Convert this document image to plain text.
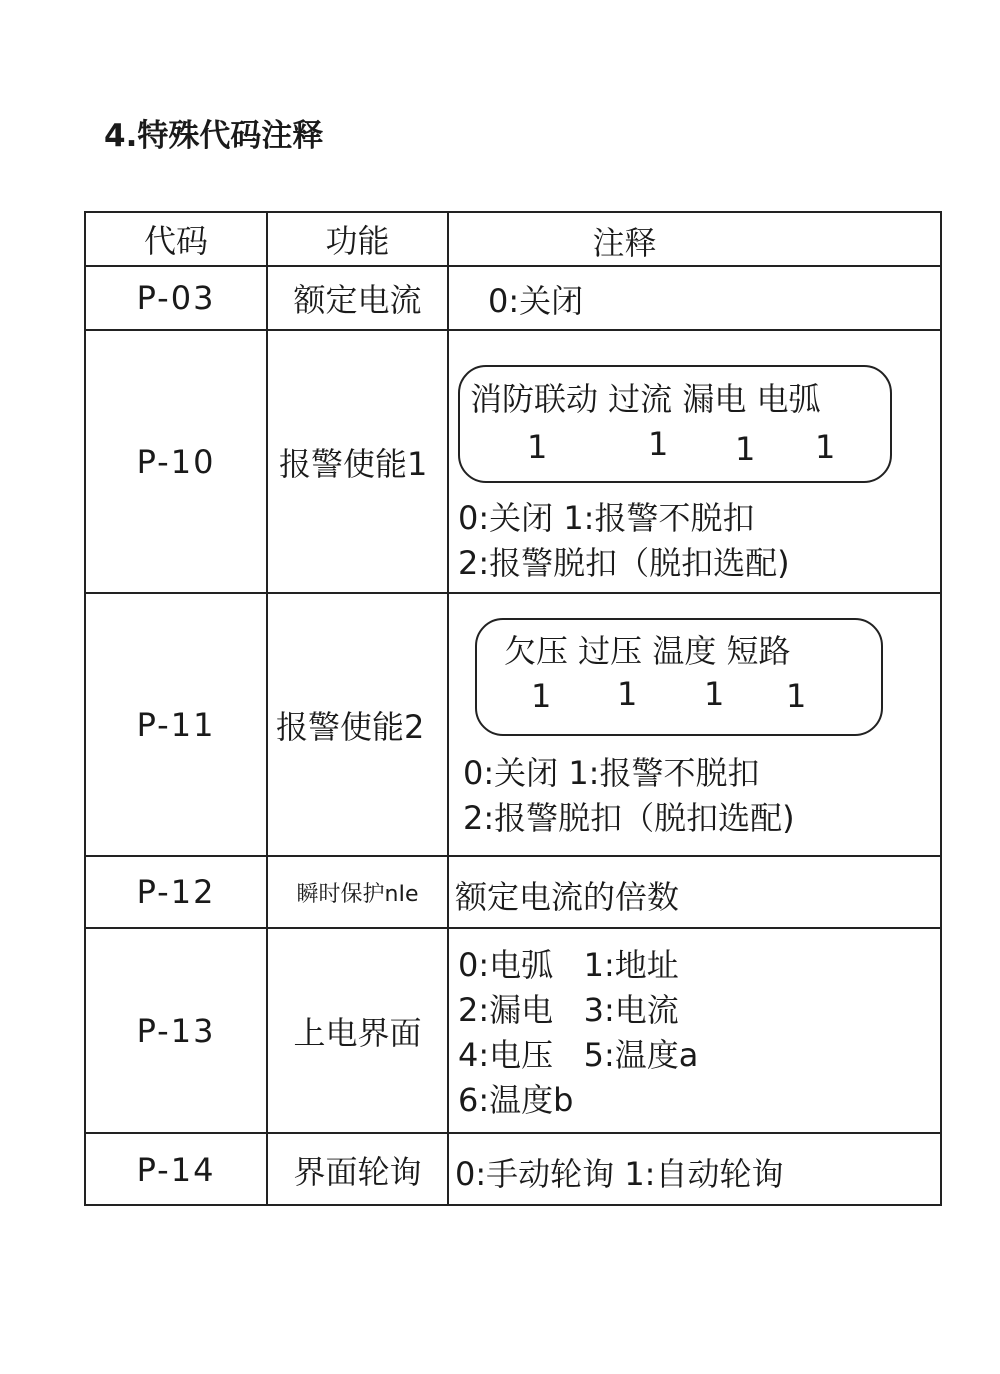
4.特殊代码注释
代码	功能	注释
P-03	额定电流	0:关闭
P-10	报警使能1
消防联动 过流 漏电 电弧
1	1 1 1
0:关闭 1:报警不脱扣
2:报警脱扣（脱扣选配)
P-11	报警使能2
欠压 过压 温度 短路
1 1 1 1
0:关闭 1:报警不脱扣
2:报警脱扣（脱扣选配)
P-12	瞬时保护nIe	额定电流的倍数
P-13	上电界面
0:电弧   1:地址
2:漏电   3:电流
4:电压   5:温度a
6:温度b
P-14	界面轮询	0:手动轮询 1:自动轮询
